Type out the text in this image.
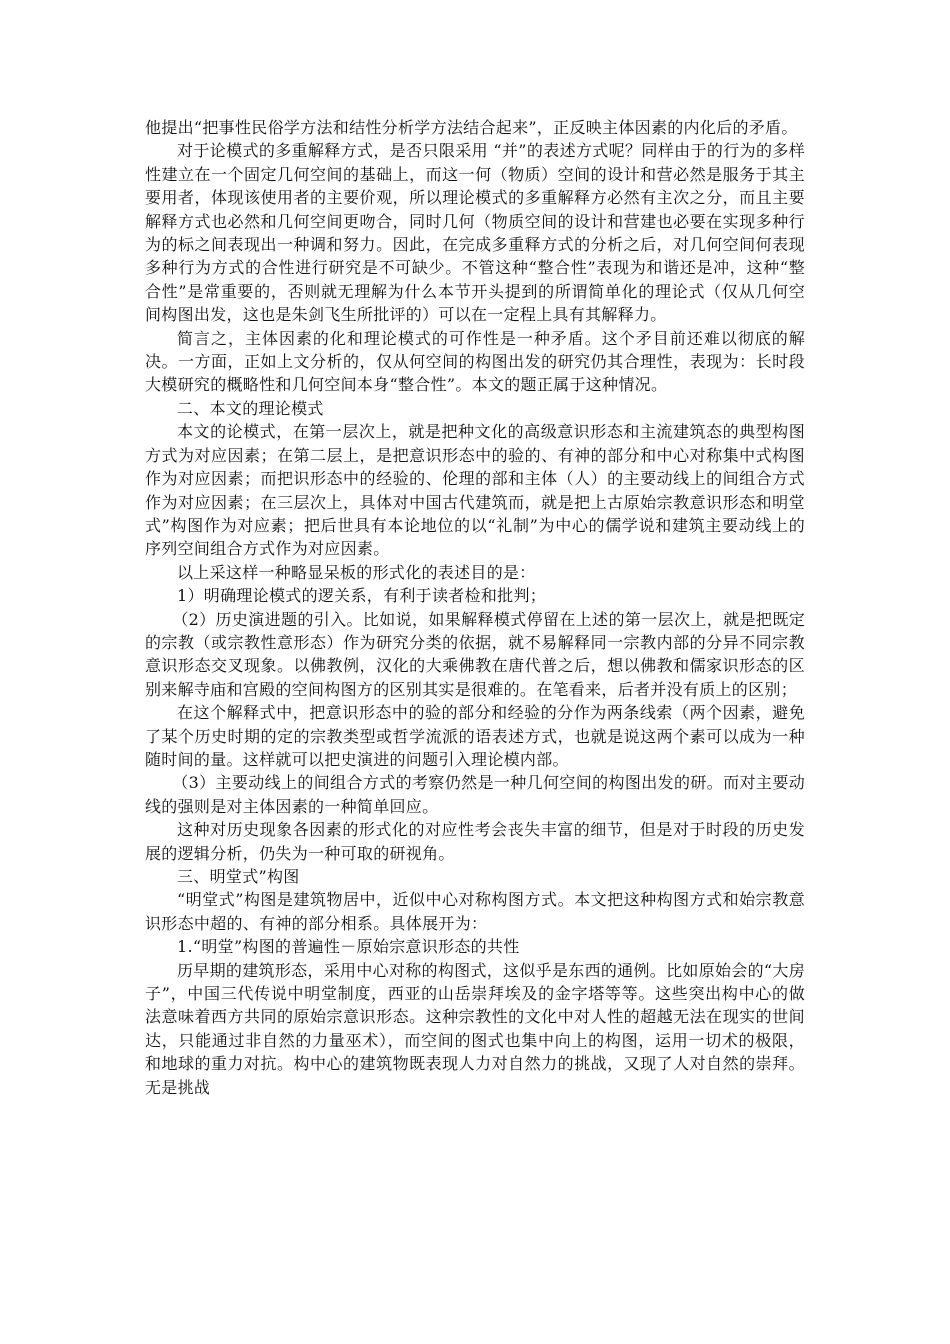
他提出“把事性民俗学方法和结性分析学方法结合起来”，正反映主体因素的内化后的矛盾。

对于论模式的多重解释方式，是否只限采用 “并”的表述方式呢？同样由于的行为的多样性建立在一个固定几何空间的基础上，而这一何（物质）空间的设计和营必然是服务于其主要用者，体现该使用者的主要价观，所以理论模式的多重解释方必然有主次之分，而且主要解释方式也必然和几何空间更吻合，同时几何（物质空间的设计和营建也必要在实现多种行为的标之间表现出一种调和努力。因此，在完成多重释方式的分析之后，对几何空间何表现多种行为方式的合性进行研究是不可缺少。不管这种“整合性”表现为和谐还是冲，这种“整合性”是常重要的，否则就无理解为什么本节开头提到的所谓简单化的理论式（仅从几何空间构图出发，这也是朱剑飞生所批评的）可以在一定程上具有其解释力。

简言之，主体因素的化和理论模式的可作性是一种矛盾。这个矛目前还难以彻底的解决。一方面，正如上文分析的，仅从何空间的构图出发的研究仍其合理性，表现为：长时段大模研究的概略性和几何空间本身“整合性”。本文的题正属于这种情况。

二、本文的理论模式

本文的论模式，在第一层次上，就是把种文化的高级意识形态和主流建筑态的典型构图方式为对应因素；在第二层上，是把意识形态中的验的、有神的部分和中心对称集中式构图作为对应因素；而把识形态中的经验的、伦理的部和主体（人）的主要动线上的间组合方式作为对应因素；在三层次上，具体对中国古代建筑而，就是把上古原始宗教意识形态和明堂式”构图作为对应素；把后世具有本论地位的以“礼制”为中心的儒学说和建筑主要动线上的序列空间组合方式作为对应因素。

以上采这样一种略显呆板的形式化的表述目的是：

1）明确理论模式的逻关系，有利于读者检和批判；

（2）历史演进题的引入。比如说，如果解释模式停留在上述的第一层次上，就是把既定的宗教（或宗教性意形态）作为研究分类的依据，就不易解释同一宗教内部的分异不同宗教意识形态交叉现象。以佛教例，汉化的大乘佛教在唐代普之后，想以佛教和儒家识形态的区别来解寺庙和宫殿的空间构图方的区别其实是很难的。在笔看来，后者并没有质上的区别；

在这个解释式中，把意识形态中的验的部分和经验的分作为两条线索（两个因素，避免了某个历史时期的定的宗教类型或哲学流派的语表述方式，也就是说这两个素可以成为一种随时间的量。这样就可以把史演进的问题引入理论模内部。

（3）主要动线上的间组合方式的考察仍然是一种几何空间的构图出发的研。而对主要动线的强则是对主体因素的一种简单回应。

这种对历史现象各因素的形式化的对应性考会丧失丰富的细节，但是对于时段的历史发展的逻辑分析，仍失为一种可取的研视角。

三、明堂式”构图

“明堂式”构图是建筑物居中，近似中心对称构图方式。本文把这种构图方式和始宗教意识形态中超的、有神的部分相系。具体展开为：

1.“明堂”构图的普遍性－原始宗意识形态的共性

历早期的建筑形态，采用中心对称的构图式，这似乎是东西的通例。比如原始会的“大房子”，中国三代传说中明堂制度，西亚的山岳崇拜埃及的金字塔等等。这些突出构中心的做法意味着西方共同的原始宗意识形态。这种宗教性的文化中对人性的超越无法在现实的世间达，只能通过非自然的力量巫术），而空间的图式也集中向上的构图，运用一切术的极限，和地球的重力对抗。构中心的建筑物既表现人力对自然力的挑战，又现了人对自然的崇拜。无是挑战
